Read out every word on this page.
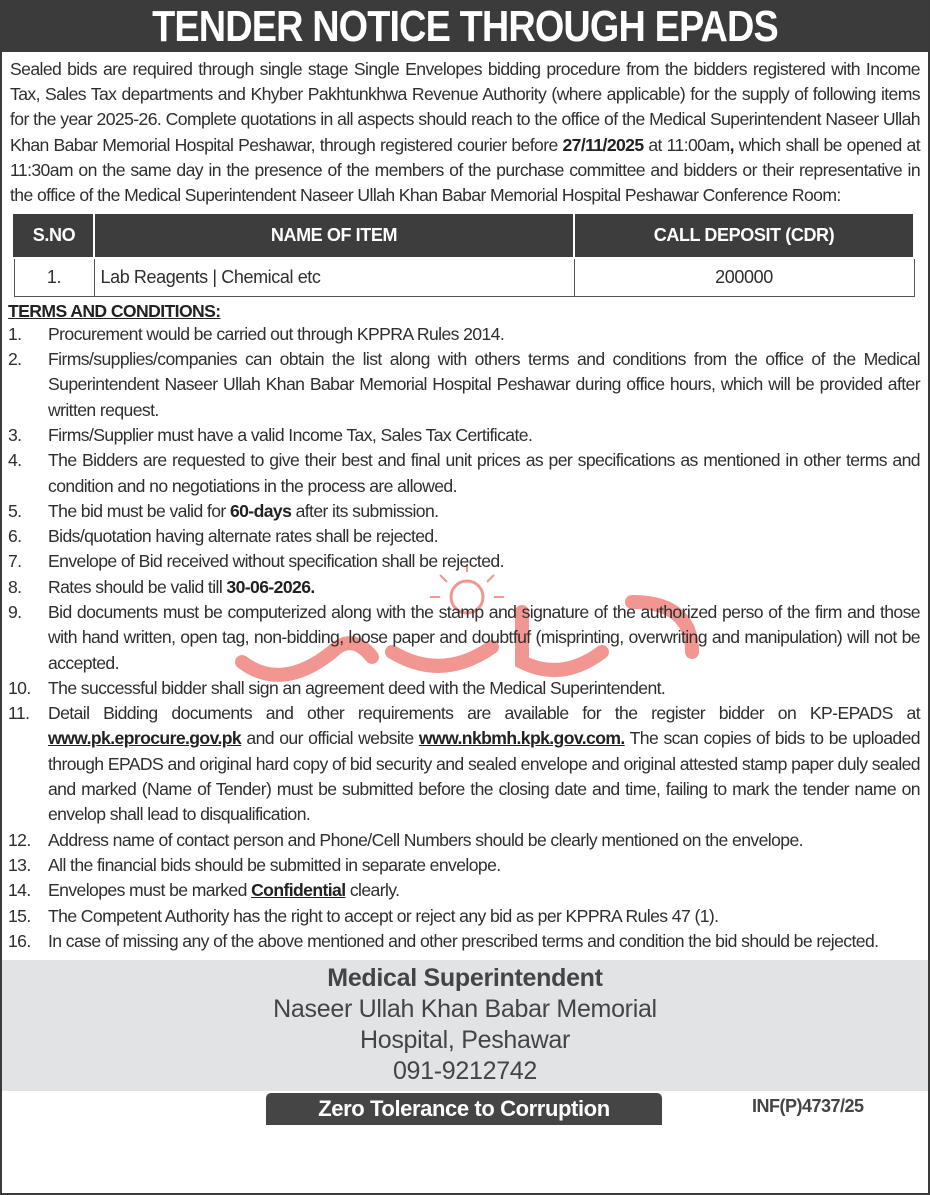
TENDER NOTICE THROUGH EPADS
Sealed bids are required through single stage Single Envelopes bidding procedure from the bidders registered with Income Tax, Sales Tax departments and Khyber Pakhtunkhwa Revenue Authority (where applicable) for the supply of following items for the year 2025-26. Complete quotations in all aspects should reach to the office of the Medical Superintendent Naseer Ullah Khan Babar Memorial Hospital Peshawar, through registered courier before 27/11/2025 at 11:00am, which shall be opened at 11:30am on the same day in the presence of the members of the purchase committee and bidders or their representative in the office of the Medical Superintendent Naseer Ullah Khan Babar Memorial Hospital Peshawar Conference Room:
S.NO	NAME OF ITEM	CALL DEPOSIT (CDR)
1.	Lab Reagents | Chemical etc	200000
TERMS AND CONDITIONS:
1.	Procurement would be carried out through KPPRA Rules 2014.
2.	Firms/supplies/companies can obtain the list along with others terms and conditions from the office of the Medical Superintendent Naseer Ullah Khan Babar Memorial Hospital Peshawar during office hours, which will be provided after written request.
3.	Firms/Supplier must have a valid Income Tax, Sales Tax Certificate.
4.	The Bidders are requested to give their best and final unit prices as per specifications as mentioned in other terms and condition and no negotiations in the process are allowed.
5.	The bid must be valid for 60-days after its submission.
6.	Bids/quotation having alternate rates shall be rejected.
7.	Envelope of Bid received without specification shall be rejected.
8.	Rates should be valid till 30-06-2026.
9.	Bid documents must be computerized along with the stamp and signature of the authorized perso of the firm and those with hand written, open tag, non-bidding, loose paper and doubtfuf (misprinting, overwriting and manipulation) will not be accepted.
10. The successful bidder shall sign an agreement deed with the Medical Superintendent.
11.	Detail Bidding documents and other requirements are available for the register bidder on KP-EPADS at www.pk.eprocure.gov.pk and our official website www.nkbmh.kpk.gov.com. The scan copies of bids to be uploaded through EPADS and original hard copy of bid security and sealed envelope and original attested stamp paper duly sealed and marked (Name of Tender) must be submitted before the closing date and time, failing to mark the tender name on envelop shall lead to disqualification.
12. Address name of contact person and Phone/Cell Numbers should be clearly mentioned on the envelope.
13. All the financial bids should be submitted in separate envelope.
14. Envelopes must be marked Confidential clearly.
15. The Competent Authority has the right to accept or reject any bid as per KPPRA Rules 47 (1).
16. In case of missing any of the above mentioned and other prescribed terms and condition the bid should be rejected.
Medical Superintendent
Naseer Ullah Khan Babar Memorial
Hospital, Peshawar
091-9212742
Zero Tolerance to Corruption	INF(P)4737/25
